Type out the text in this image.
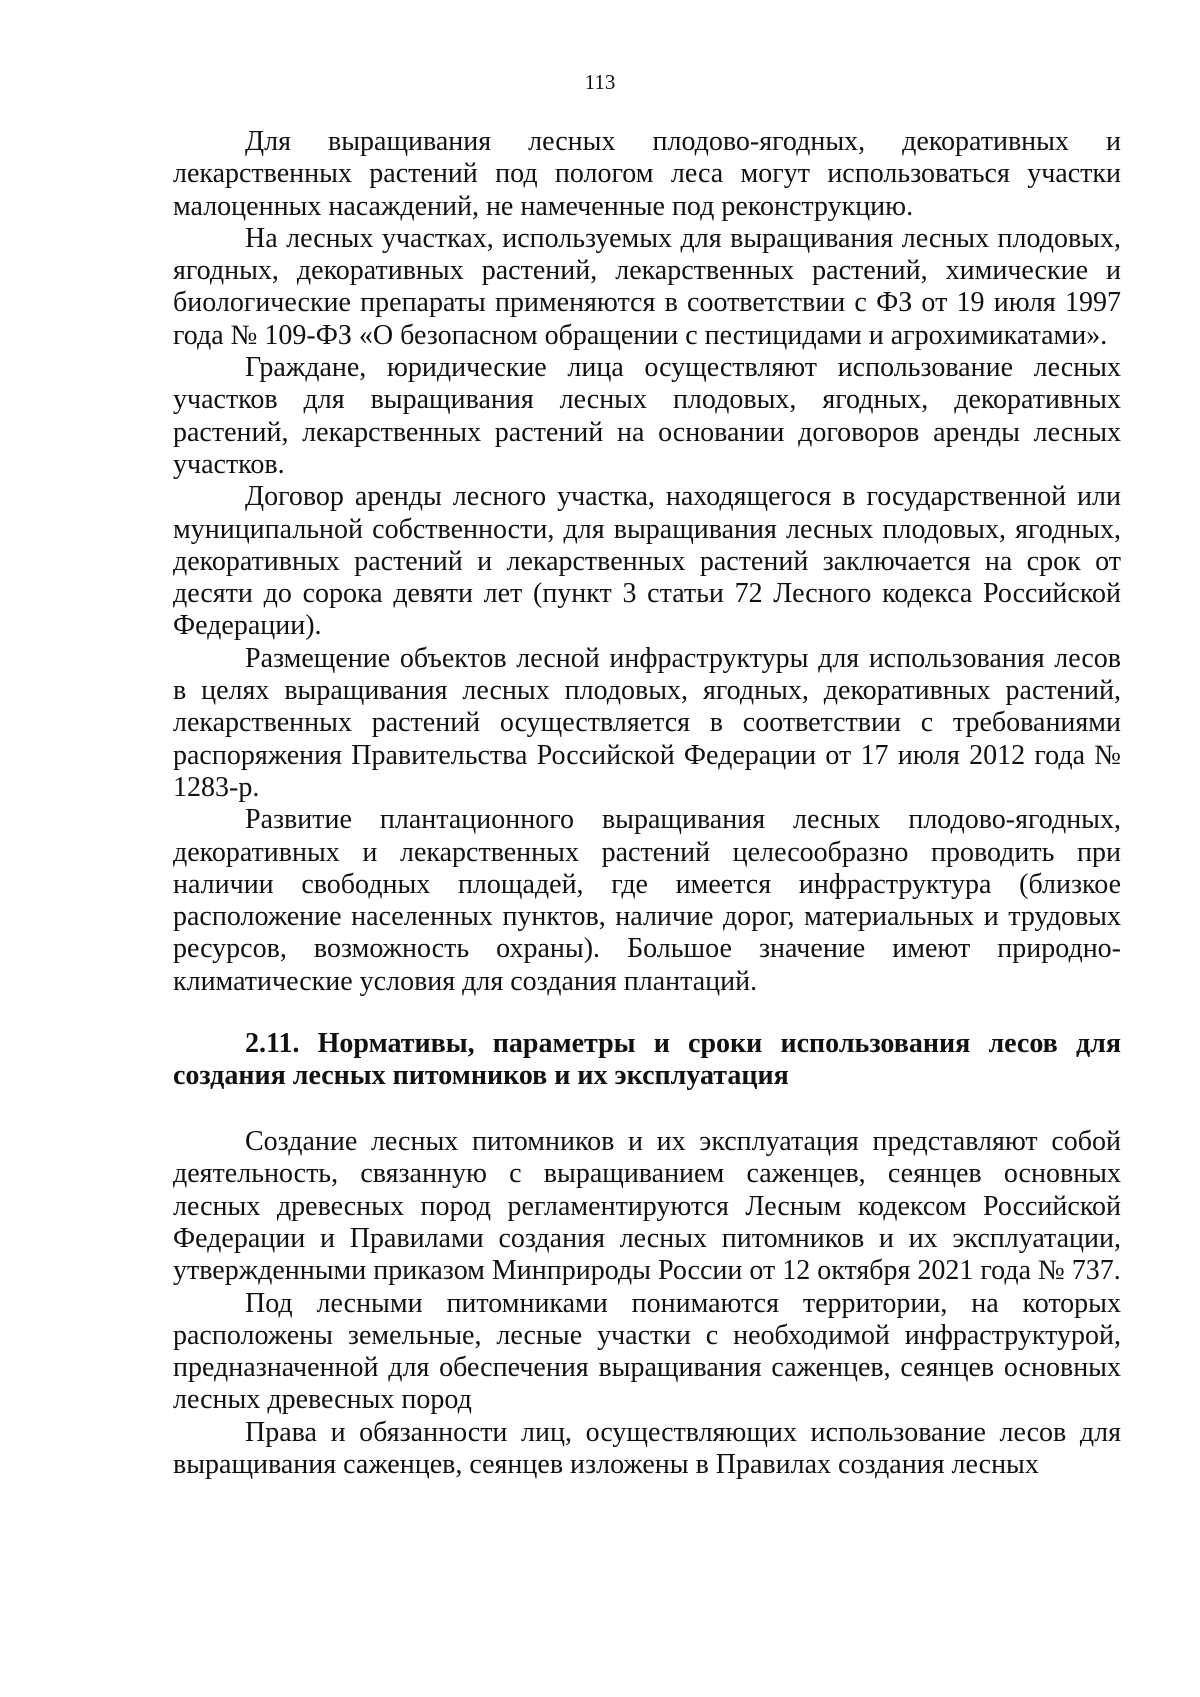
113

Для выращивания лесных плодово-ягодных, декоративных и лекарственных растений под пологом леса могут использоваться участки малоценных насаждений, не намеченные под реконструкцию.

На лесных участках, используемых для выращивания лесных плодовых, ягодных, декоративных растений, лекарственных растений, химические и биологические препараты применяются в соответствии с ФЗ от 19 июля 1997 года № 109-ФЗ «О безопасном обращении с пестицидами и агрохимикатами».

Граждане, юридические лица осуществляют использование лесных участков для выращивания лесных плодовых, ягодных, декоративных растений, лекарственных растений на основании договоров аренды лесных участков.

Договор аренды лесного участка, находящегося в государственной или муниципальной собственности, для выращивания лесных плодовых, ягодных, декоративных растений и лекарственных растений заключается на срок от десяти до сорока девяти лет (пункт 3 статьи 72 Лесного кодекса Российской Федерации).

Размещение объектов лесной инфраструктуры для использования лесов в целях выращивания лесных плодовых, ягодных, декоративных растений, лекарственных растений осуществляется в соответствии с требованиями распоряжения Правительства Российской Федерации от 17 июля 2012 года № 1283-р.

Развитие плантационного выращивания лесных плодово-ягодных, декоративных и лекарственных растений целесообразно проводить при наличии свободных площадей, где имеется инфраструктура (близкое расположение населенных пунктов, наличие дорог, материальных и трудовых ресурсов, возможность охраны). Большое значение имеют природно-климатические условия для создания плантаций.

2.11. Нормативы, параметры и сроки использования лесов для создания лесных питомников и их эксплуатация

Создание лесных питомников и их эксплуатация представляют собой деятельность, связанную с выращиванием саженцев, сеянцев основных лесных древесных пород регламентируются Лесным кодексом Российской Федерации и Правилами создания лесных питомников и их эксплуатации, утвержденными приказом Минприроды России от 12 октября 2021 года № 737.

Под лесными питомниками понимаются территории, на которых расположены земельные, лесные участки с необходимой инфраструктурой, предназначенной для обеспечения выращивания саженцев, сеянцев основных лесных древесных пород

Права и обязанности лиц, осуществляющих использование лесов для выращивания саженцев, сеянцев изложены в Правилах создания лесных
